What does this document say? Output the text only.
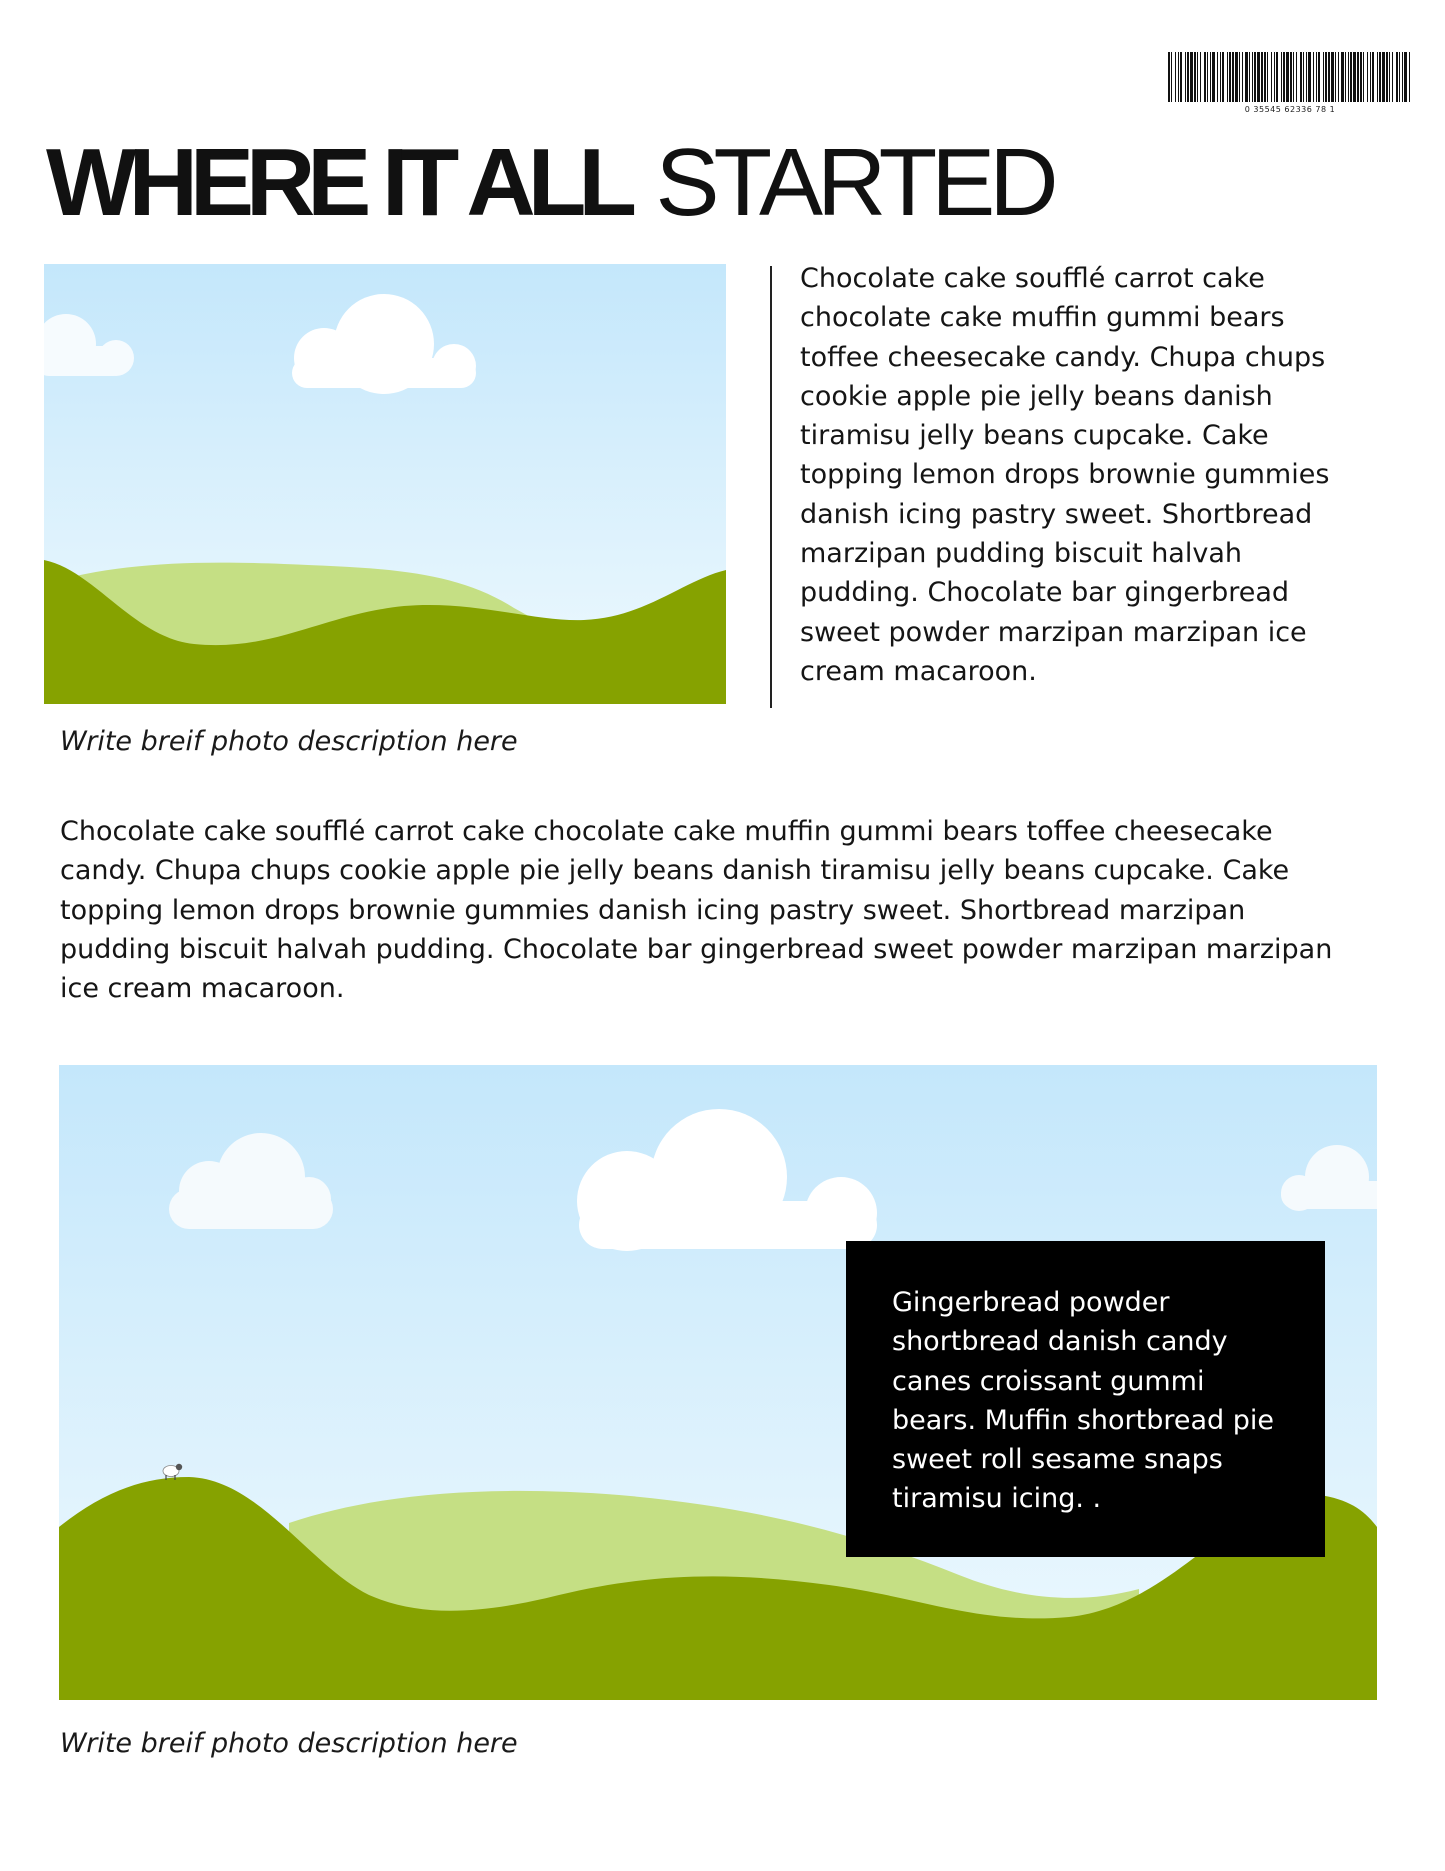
0 35545 62336 78 1
WHERE IT ALL STARTED

Chocolate cake soufflé carrot cake chocolate cake muffin gummi bears toffee cheesecake candy. Chupa chups cookie apple pie jelly beans danish tiramisu jelly beans cupcake. Cake topping lemon drops brownie gummies danish icing pastry sweet. Shortbread marzipan pudding biscuit halvah pudding. Chocolate bar gingerbread sweet powder marzipan marzipan ice cream macaroon.

Write breif photo description here

Chocolate cake soufflé carrot cake chocolate cake muffin gummi bears toffee cheesecake candy. Chupa chups cookie apple pie jelly beans danish tiramisu jelly beans cupcake. Cake topping lemon drops brownie gummies danish icing pastry sweet. Shortbread marzipan pudding biscuit halvah pudding. Chocolate bar gingerbread sweet powder marzipan marzipan ice cream macaroon.

Gingerbread powder shortbread danish candy canes croissant gummi bears. Muffin shortbread pie sweet roll sesame snaps tiramisu icing. .

Write breif photo description here
